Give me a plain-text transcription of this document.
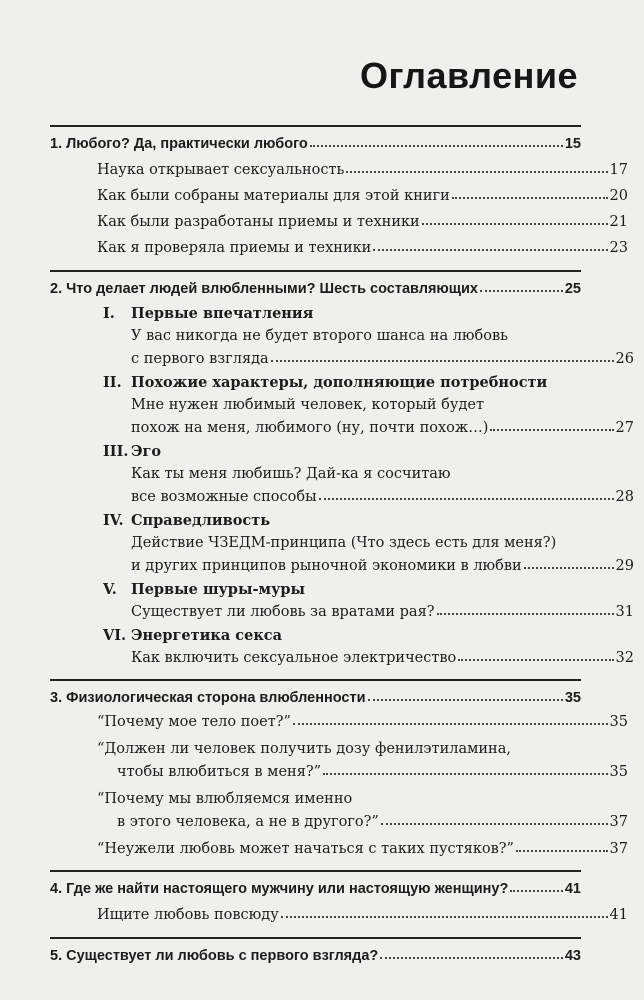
Оглавление
1. Любого? Да, практически любого	15
Наука открывает сексуальность	17
Как были собраны материалы для этой книги	20
Как были разработаны приемы и техники	21
Как я проверяла приемы и техники	23
2. Что делает людей влюбленными? Шесть составляющих	25
I.	Первые впечатления
У вас никогда не будет второго шанса на любовь
с первого взгляда	26
II. Похожие характеры, дополняющие потребности
Мне нужен любимый человек, который будет
похож на меня, любимого (ну, почти похож…)	27
III. Эго
Как ты меня любишь? Дай-ка я сосчитаю
все возможные способы	28
IV. Справедливость
Действие ЧЗЕДМ-принципа (Что здесь есть для меня?)
и других принципов рыночной экономики в любви	29
V. Первые шуры-муры
Существует ли любовь за вратами рая?	31
VI. Энергетика секса
Как включить сексуальное электричество	32
3. Физиологическая сторона влюбленности	35
“Почему мое тело поет?”	35
“Должен ли человек получить дозу фенилэтиламина,
чтобы влюбиться в меня?”	35
“Почему мы влюбляемся именно
в этого человека, а не в другого?”	37
“Неужели любовь может начаться с таких пустяков?”	37
4. Где же найти настоящего мужчину или настоящую женщину?	41
Ищите любовь повсюду	41
5. Существует ли любовь с первого взгляда?	43
